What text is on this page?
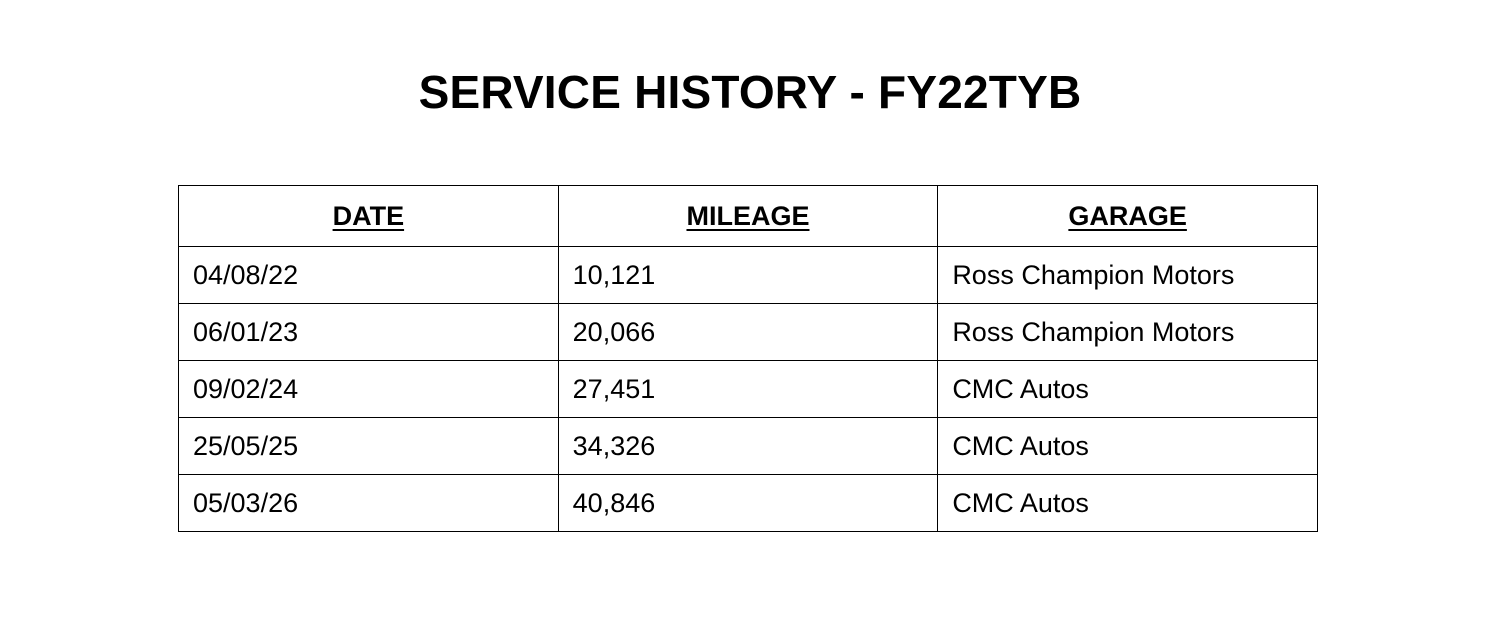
SERVICE HISTORY - FY22TYB
DATE	MILEAGE	GARAGE
04/08/22	10,121	Ross Champion Motors
06/01/23	20,066	Ross Champion Motors
09/02/24	27,451	CMC Autos
25/05/25	34,326	CMC Autos
05/03/26	40,846	CMC Autos
